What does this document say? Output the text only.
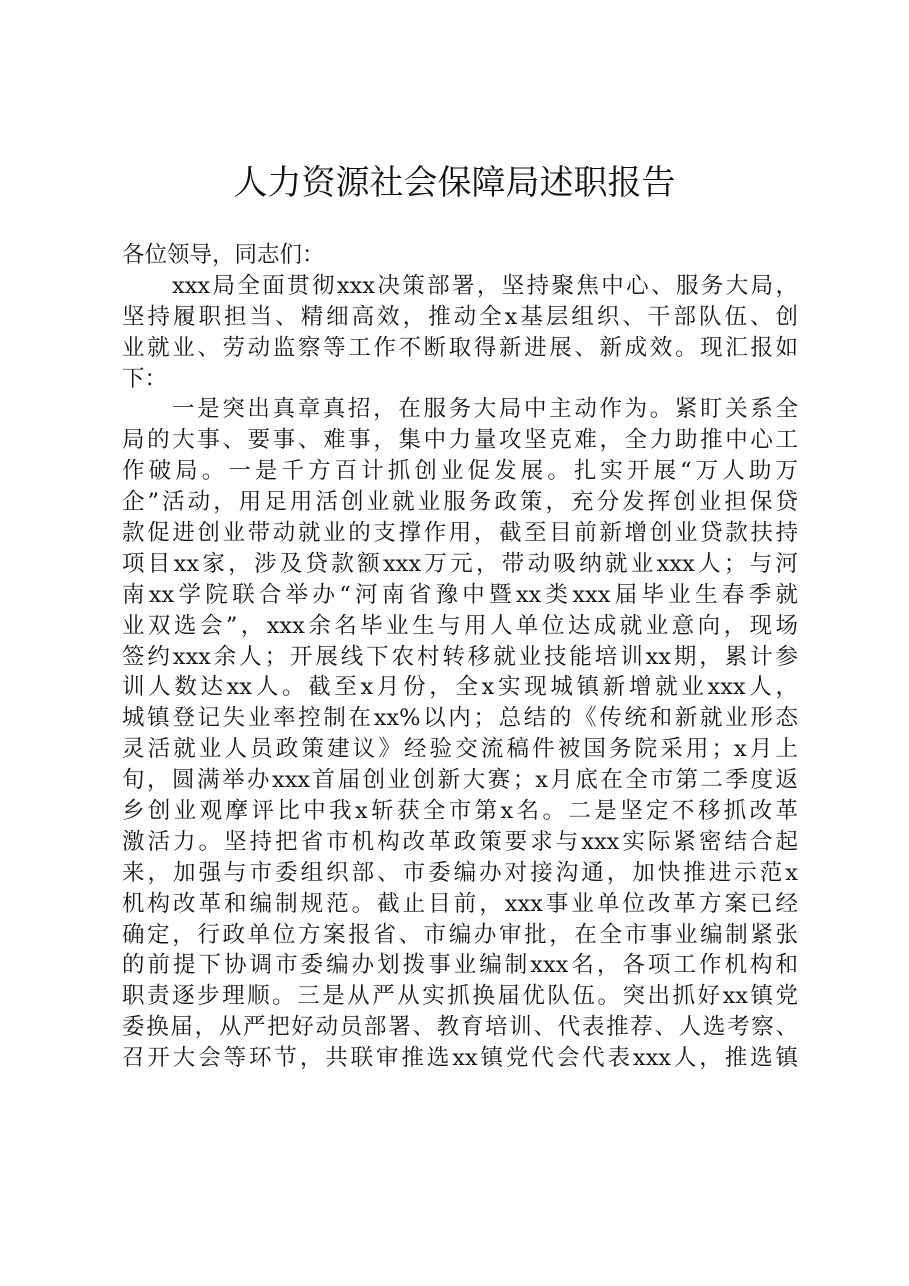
人力资源社会保障局述职报告
各位领导，同志们：
xxx局全面贯彻xxx决策部署，坚持聚焦中心、服务大局，
坚持履职担当、精细高效，推动全x基层组织、干部队伍、创
业就业、劳动监察等工作不断取得新进展、新成效。现汇报如
下：
一是突出真章真招，在服务大局中主动作为。紧盯关系全
局的大事、要事、难事，集中力量攻坚克难，全力助推中心工
作破局。一是千方百计抓创业促发展。扎实开展“万人助万
企”活动，用足用活创业就业服务政策，充分发挥创业担保贷
款促进创业带动就业的支撑作用，截至目前新增创业贷款扶持
项目xx家，涉及贷款额xxx万元，带动吸纳就业xxx人；与河
南xx学院联合举办“河南省豫中暨xx类xxx届毕业生春季就
业双选会”，xxx余名毕业生与用人单位达成就业意向，现场
签约xxx余人；开展线下农村转移就业技能培训xx期，累计参
训人数达xx人。截至x月份，全x实现城镇新增就业xxx人，
城镇登记失业率控制在xx%以内；总结的《传统和新就业形态
灵活就业人员政策建议》经验交流稿件被国务院采用；x月上
旬，圆满举办xxx首届创业创新大赛；x月底在全市第二季度返
乡创业观摩评比中我x斩获全市第x名。二是坚定不移抓改革
激活力。坚持把省市机构改革政策要求与xxx实际紧密结合起
来，加强与市委组织部、市委编办对接沟通，加快推进示范x
机构改革和编制规范。截止目前，xxx事业单位改革方案已经
确定，行政单位方案报省、市编办审批，在全市事业编制紧张
的前提下协调市委编办划拨事业编制xxx名，各项工作机构和
职责逐步理顺。三是从严从实抓换届优队伍。突出抓好xx镇党
委换届，从严把好动员部署、教育培训、代表推荐、人选考察、
召开大会等环节，共联审推选xx镇党代会代表xxx人，推选镇
